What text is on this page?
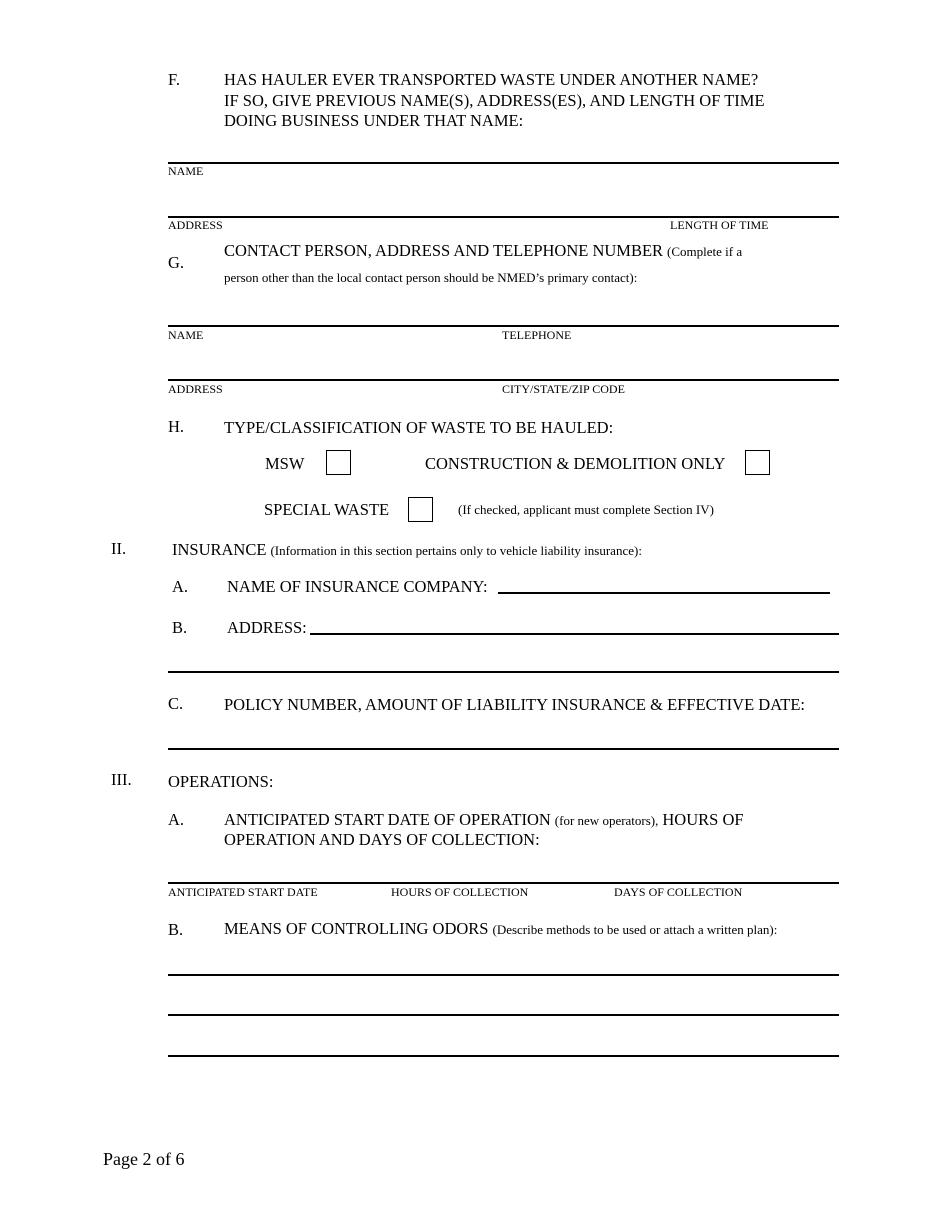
F.	HAS HAULER EVER TRANSPORTED WASTE UNDER ANOTHER NAME?
IF SO, GIVE PREVIOUS NAME(S), ADDRESS(ES), AND LENGTH OF TIME
DOING BUSINESS UNDER THAT NAME:
NAME
ADDRESS	LENGTH OF TIME
G.
CONTACT PERSON, ADDRESS AND TELEPHONE NUMBER (Complete if a
person other than the local contact person should be NMED’s primary contact):
NAME	TELEPHONE
ADDRESS	CITY/STATE/ZIP CODE
H. TYPE/CLASSIFICATION OF WASTE TO BE HAULED:
MSW	CONSTRUCTION & DEMOLITION ONLY
SPECIAL WASTE	(If checked, applicant must complete Section IV)
II.	INSURANCE (Information in this section pertains only to vehicle liability insurance):
A. NAME OF INSURANCE COMPANY:
B. ADDRESS:
C. POLICY NUMBER, AMOUNT OF LIABILITY INSURANCE & EFFECTIVE DATE:
III. OPERATIONS:
A. ANTICIPATED START DATE OF OPERATION (for new operators), HOURS OF
OPERATION AND DAYS OF COLLECTION:
ANTICIPATED START DATE	HOURS OF COLLECTION	DAYS OF COLLECTION
B. MEANS OF CONTROLLING ODORS (Describe methods to be used or attach a written plan):
Page 2 of 6
